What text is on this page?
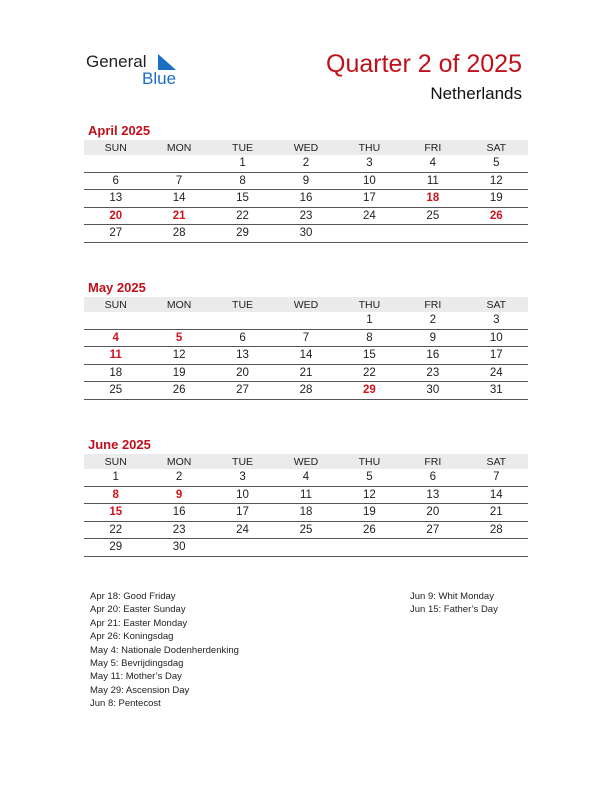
General
Blue
Quarter 2 of 2025
Netherlands
April 2025
SUN	MON	TUE	WED	THU	FRI	SAT
		1	2	3	4	5
6	7	8	9	10	11	12
13	14	15	16	17	18	19
20	21	22	23	24	25	26
27	28	29	30			
May 2025
SUN	MON	TUE	WED	THU	FRI	SAT
				1	2	3
4	5	6	7	8	9	10
11	12	13	14	15	16	17
18	19	20	21	22	23	24
25	26	27	28	29	30	31
June 2025
SUN	MON	TUE	WED	THU	FRI	SAT
1	2	3	4	5	6	7
8	9	10	11	12	13	14
15	16	17	18	19	20	21
22	23	24	25	26	27	28
29	30					
Apr 18: Good Friday
Apr 20: Easter Sunday
Apr 21: Easter Monday
Apr 26: Koningsdag
May 4: Nationale Dodenherdenking
May 5: Bevrijdingsdag
May 11: Mother’s Day
May 29: Ascension Day
Jun 8: Pentecost
Jun 9: Whit Monday
Jun 15: Father’s Day
